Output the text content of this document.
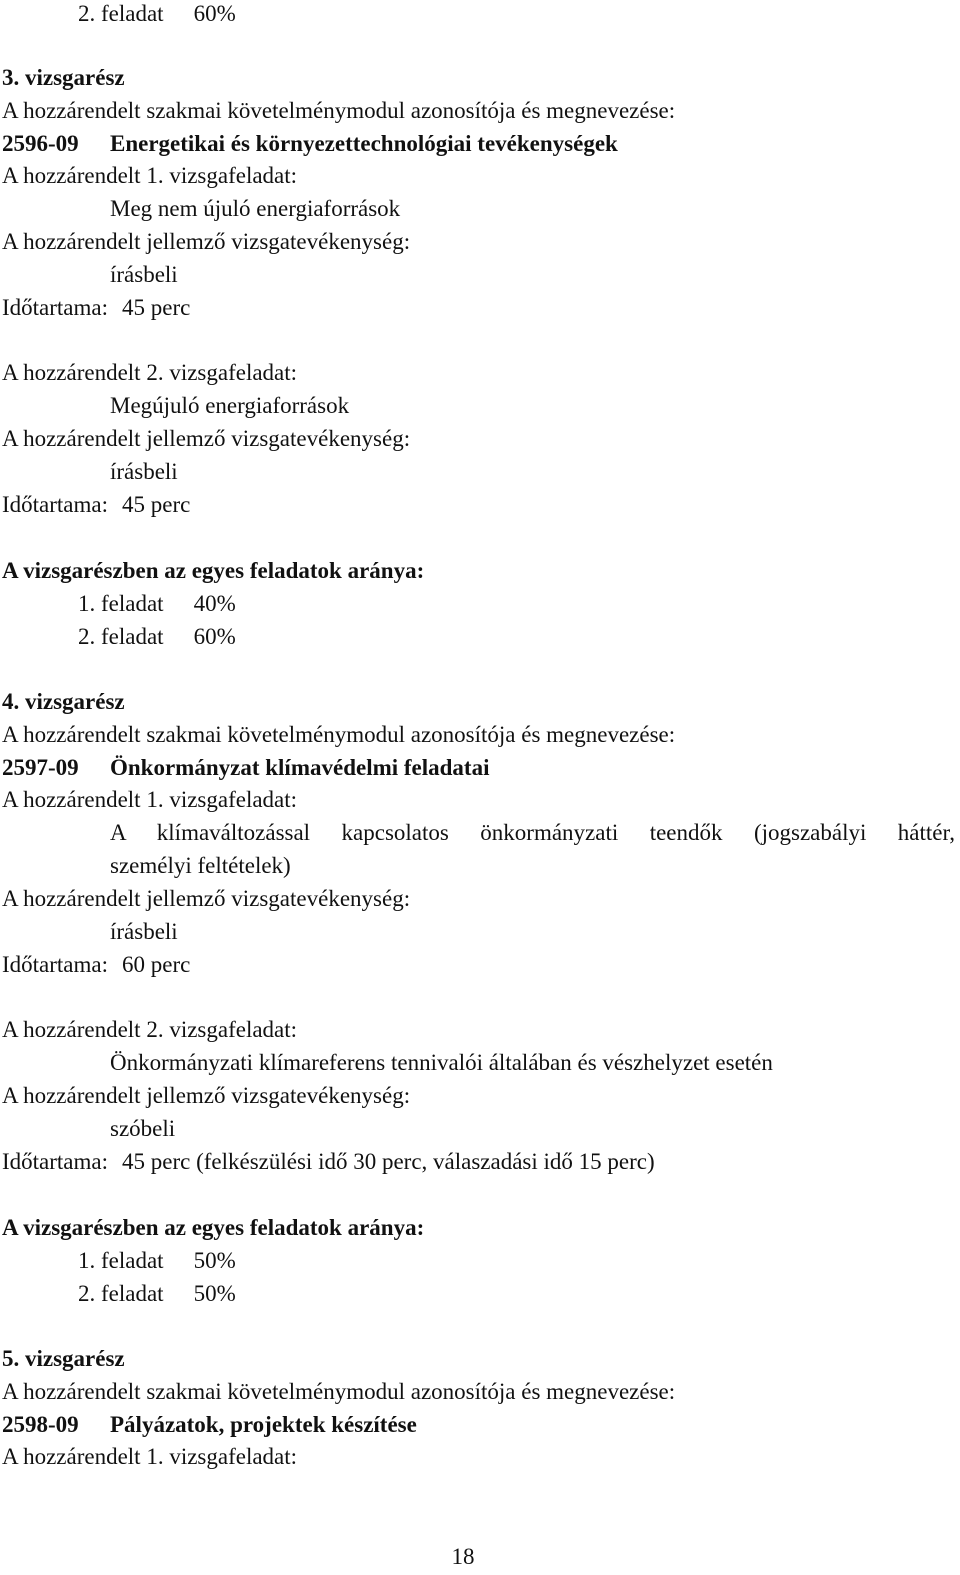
2. feladat 60%
3. vizsgarész
A hozzárendelt szakmai követelménymodul azonosítója és megnevezése:
2596-09 Energetikai és környezettechnológiai tevékenységek
A hozzárendelt 1. vizsgafeladat:
Meg nem újuló energiaforrások
A hozzárendelt jellemző vizsgatevékenység:
írásbeli
Időtartama: 45 perc
A hozzárendelt 2. vizsgafeladat:
Megújuló energiaforrások
A hozzárendelt jellemző vizsgatevékenység:
írásbeli
Időtartama: 45 perc
A vizsgarészben az egyes feladatok aránya:
1. feladat 40%
2. feladat 60%
4. vizsgarész
A hozzárendelt szakmai követelménymodul azonosítója és megnevezése:
2597-09 Önkormányzat klímavédelmi feladatai
A hozzárendelt 1. vizsgafeladat:
A klímaváltozással kapcsolatos önkormányzati teendők (jogszabályi háttér,
személyi feltételek)
A hozzárendelt jellemző vizsgatevékenység:
írásbeli
Időtartama: 60 perc
A hozzárendelt 2. vizsgafeladat:
Önkormányzati klímareferens tennivalói általában és vészhelyzet esetén
A hozzárendelt jellemző vizsgatevékenység:
szóbeli
Időtartama: 45 perc (felkészülési idő 30 perc, válaszadási idő 15 perc)
A vizsgarészben az egyes feladatok aránya:
1. feladat 50%
2. feladat 50%
5. vizsgarész
A hozzárendelt szakmai követelménymodul azonosítója és megnevezése:
2598-09 Pályázatok, projektek készítése
A hozzárendelt 1. vizsgafeladat:
18
